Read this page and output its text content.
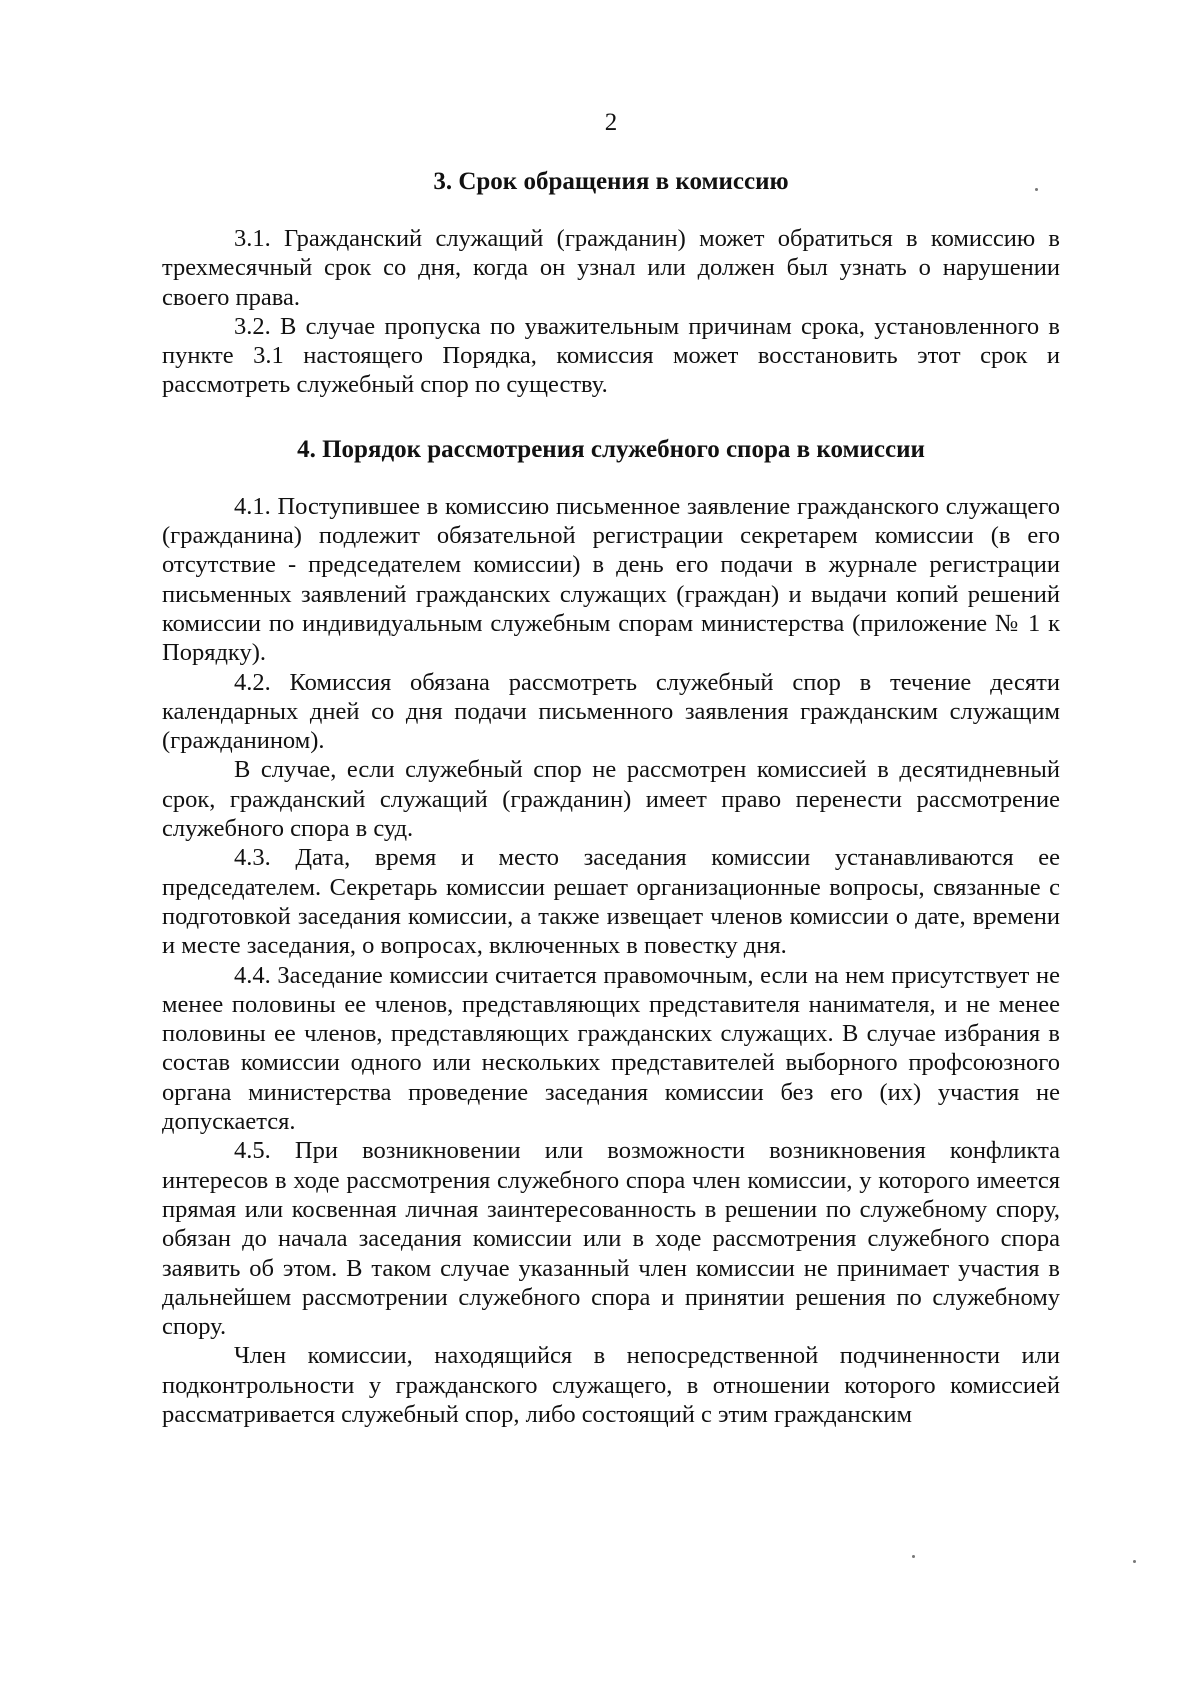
2
3. Срок обращения в комиссию

3.1. Гражданский служащий (гражданин) может обратиться в комиссию в трехмесячный срок со дня, когда он узнал или должен был узнать о нарушении своего права.

3.2. В случае пропуска по уважительным причинам срока, установленного в пункте 3.1 настоящего Порядка, комиссия может восстановить этот срок и рассмотреть служебный спор по существу.

4. Порядок рассмотрения служебного спора в комиссии

4.1. Поступившее в комиссию письменное заявление гражданского служащего (гражданина) подлежит обязательной регистрации секретарем комиссии (в его отсутствие - председателем комиссии) в день его подачи в журнале регистрации письменных заявлений гражданских служащих (граждан) и выдачи копий решений комиссии по индивидуальным служебным спорам министерства (приложение № 1 к Порядку).

4.2. Комиссия обязана рассмотреть служебный спор в течение десяти календарных дней со дня подачи письменного заявления гражданским служащим (гражданином).

В случае, если служебный спор не рассмотрен комиссией в десятидневный срок, гражданский служащий (гражданин) имеет право перенести рассмотрение служебного спора в суд.

4.3. Дата, время и место заседания комиссии устанавливаются ее председателем. Секретарь комиссии решает организационные вопросы, связанные с подготовкой заседания комиссии, а также извещает членов комиссии о дате, времени и месте заседания, о вопросах, включенных в повестку дня.

4.4. Заседание комиссии считается правомочным, если на нем присутствует не менее половины ее членов, представляющих представителя нанимателя, и не менее половины ее членов, представляющих гражданских служащих. В случае избрания в состав комиссии одного или нескольких представителей выборного профсоюзного органа министерства проведение заседания комиссии без его (их) участия не допускается.

4.5. При возникновении или возможности возникновения конфликта интересов в ходе рассмотрения служебного спора член комиссии, у которого имеется прямая или косвенная личная заинтересованность в решении по служебному спору, обязан до начала заседания комиссии или в ходе рассмотрения служебного спора заявить об этом. В таком случае указанный член комиссии не принимает участия в дальнейшем рассмотрении служебного спора и принятии решения по служебному спору.

Член комиссии, находящийся в непосредственной подчиненности или подконтрольности у гражданского служащего, в отношении которого комиссией рассматривается служебный спор, либо состоящий с этим гражданским
